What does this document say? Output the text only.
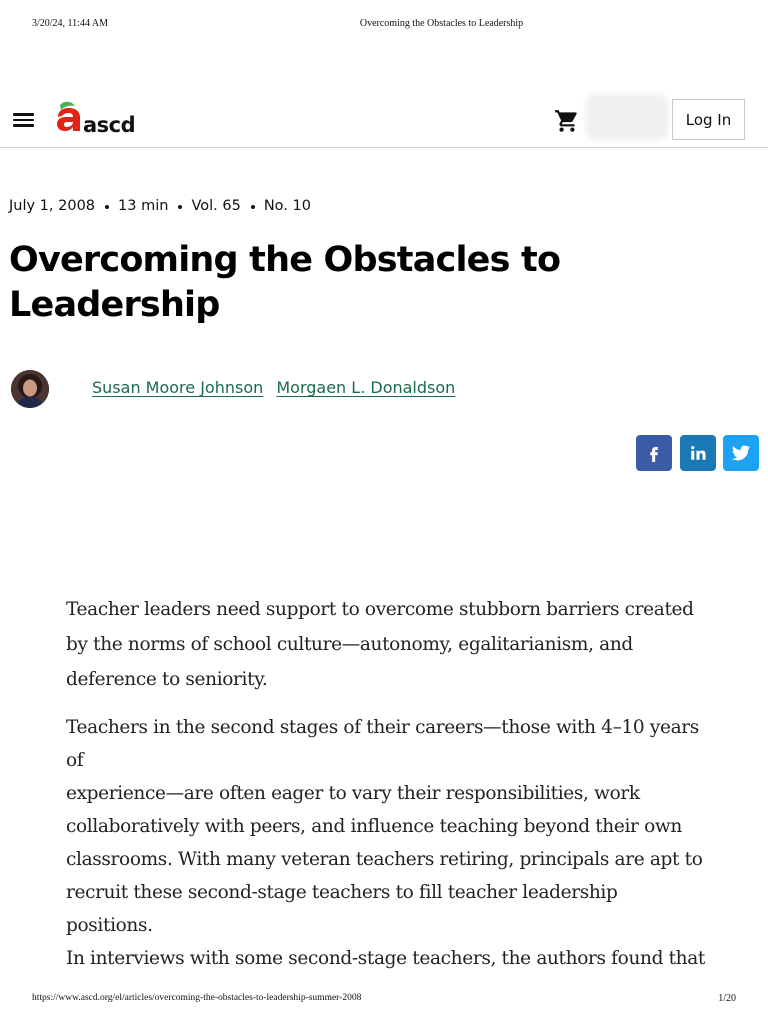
3/20/24, 11:44 AM	Overcoming the Obstacles to Leadership
ascd	Log In
July 1, 2008 13 min Vol. 65 No. 10
Overcoming the Obstacles to Leadership
Susan Moore Johnson Morgaen L. Donaldson
Teacher leaders need support to overcome stubborn barriers created
by the norms of school culture—autonomy, egalitarianism, and
deference to seniority.
Teachers in the second stages of their careers—those with 4–10 years of
experience—are often eager to vary their responsibilities, work
collaboratively with peers, and influence teaching beyond their own
classrooms. With many veteran teachers retiring, principals are apt to
recruit these second-stage teachers to fill teacher leadership positions.
In interviews with some second-stage teachers, the authors found that
https://www.ascd.org/el/articles/overcoming-the-obstacles-to-leadership-summer-2008	1/20
